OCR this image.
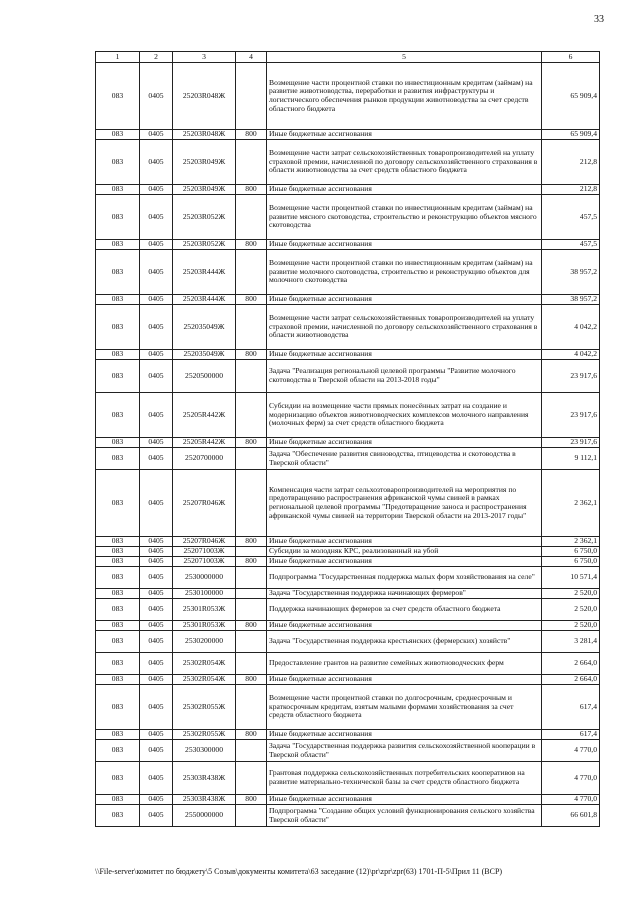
33
1	2	3	4	5	6
083	0405	25203R048Ж		Возмещение части процентной ставки по инвестиционным кредитам (займам) на развитие животноводства, переработки и развития инфраструктуры и логистического обеспечения рынков продукции животноводства за счет средств областного бюджета	65 909,4
083	0405	25203R048Ж	800	Иные бюджетные ассигнования	65 909,4
083	0405	25203R049Ж		Возмещение части затрат сельскохозяйственных товаропроизводителей на уплату страховой премии, начисленной по договору сельскохозяйственного страхования в области животноводства за счет средств областного бюджета	212,8
083	0405	25203R049Ж	800	Иные бюджетные ассигнования	212,8
083	0405	25203R052Ж		Возмещение части процентной ставки по инвестиционным кредитам (займам) на развитие мясного скотоводства, строительство и реконструкцию объектов мясного скотоводства	457,5
083	0405	25203R052Ж	800	Иные бюджетные ассигнования	457,5
083	0405	25203R444Ж		Возмещение части процентной ставки по инвестиционным кредитам (займам) на развитие молочного скотоводства, строительство и реконструкцию объектов для молочного скотоводства	38 957,2
083	0405	25203R444Ж	800	Иные бюджетные ассигнования	38 957,2
083	0405	252035049Ж		Возмещение части затрат сельскохозяйственных товаропроизводителей на уплату страховой премии, начисленной по договору сельскохозяйственного страхования в области животноводства	4 042,2
083	0405	252035049Ж	800	Иные бюджетные ассигнования	4 042,2
083	0405	2520500000		Задача "Реализация региональной целевой программы "Развитие молочного скотоводства в Тверской области на 2013-2018 годы"	23 917,6
083	0405	25205R442Ж		Субсидии на возмещение части прямых понесённых затрат на создание и модернизацию объектов животноводческих комплексов молочного направления (молочных ферм) за счет средств областного бюджета	23 917,6
083	0405	25205R442Ж	800	Иные бюджетные ассигнования	23 917,6
083	0405	2520700000		Задача "Обеспечение развития свиноводства, птицеводства и скотоводства в Тверской области"	9 112,1
083	0405	25207R046Ж		Компенсация части затрат сельхозтоваропроизводителей на мероприятия по предотвращению распространения африканской чумы свиней в рамках региональной целевой программы "Предотвращение заноса и распространения африканской чумы свиней на территории Тверской области на 2013-2017 годы"	2 362,1
083	0405	25207R046Ж	800	Иные бюджетные ассигнования	2 362,1
083	0405	252071003Ж		Субсидии за молодняк КРС, реализованный на убой	6 750,0
083	0405	252071003Ж	800	Иные бюджетные ассигнования	6 750,0
083	0405	2530000000		Подпрограмма "Государственная поддержка малых форм хозяйствования на селе"	10 571,4
083	0405	2530100000		Задача "Государственная поддержка начинающих фермеров"	2 520,0
083	0405	25301R053Ж		Поддержка начинающих фермеров за счет средств областного бюджета	2 520,0
083	0405	25301R053Ж	800	Иные бюджетные ассигнования	2 520,0
083	0405	2530200000		Задача "Государственная поддержка крестьянских (фермерских) хозяйств"	3 281,4
083	0405	25302R054Ж		Предоставление грантов на развитие семейных животноводческих ферм	2 664,0
083	0405	25302R054Ж	800	Иные бюджетные ассигнования	2 664,0
083	0405	25302R055Ж		Возмещение части процентной ставки по долгосрочным, среднесрочным и краткосрочным кредитам, взятым малыми формами хозяйствования за счет средств областного бюджета	617,4
083	0405	25302R055Ж	800	Иные бюджетные ассигнования	617,4
083	0405	2530300000		Задача "Государственная поддержка развития сельскохозяйственной кооперации в Тверской области"	4 770,0
083	0405	25303R438Ж		Грантовая поддержка сельскохозяйственных потребительских кооперативов на развитие материально-технической базы за счет средств областного бюджета	4 770,0
083	0405	25303R438Ж	800	Иные бюджетные ассигнования	4 770,0
083	0405	2550000000		Подпрограмма "Создание общих условий функционирования сельского хозяйства Тверской области"	66 601,8
\\File-server\комитет по бюджету\5 Созыв\документы комитета\63 заседание (12)\pr\zpr\zpr(63) 1701-П-5\Прил 11 (ВСР)
